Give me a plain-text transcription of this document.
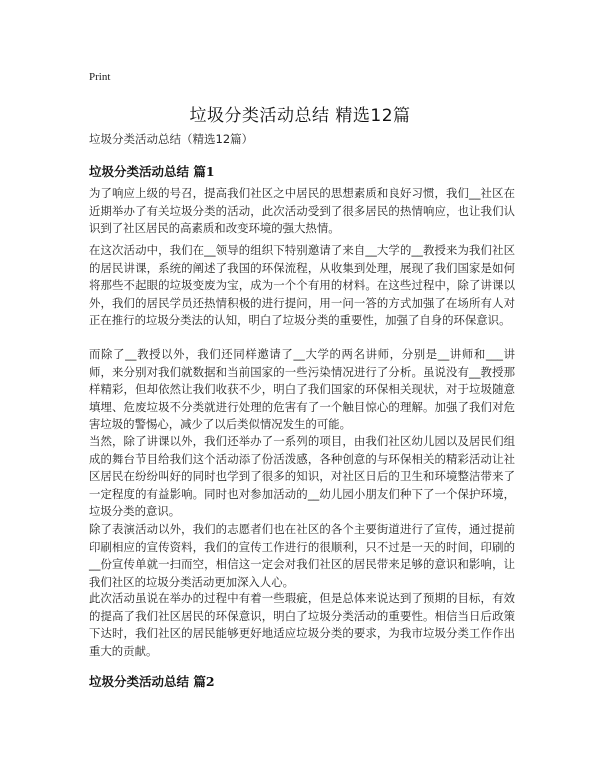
Print
垃圾分类活动总结 精选12篇
垃圾分类活动总结（精选12篇）
垃圾分类活动总结 篇1

为了响应上级的号召，提高我们社区之中居民的思想素质和良好习惯，我们__社区在近期举办了有关垃圾分类的活动，此次活动受到了很多居民的热情响应，也让我们认识到了社区居民的高素质和改变环境的强大热情。

在这次活动中，我们在__领导的组织下特别邀请了来自__大学的__教授来为我们社区的居民讲课，系统的阐述了我国的环保流程，从收集到处理，展现了我们国家是如何将那些不起眼的垃圾变废为宝，成为一个个有用的材料。在这些过程中，除了讲课以外，我们的居民学员还热情积极的进行提问，用一问一答的方式加强了在场所有人对正在推行的垃圾分类法的认知，明白了垃圾分类的重要性，加强了自身的环保意识。

而除了__教授以外，我们还同样邀请了__大学的两名讲师，分别是__讲师和___讲师，来分别对我们就数据和当前国家的一些污染情况进行了分析。虽说没有__教授那样精彩，但却依然让我们收获不少，明白了我们国家的环保相关现状，对于垃圾随意填埋、危废垃圾不分类就进行处理的危害有了一个触目惊心的理解。加强了我们对危害垃圾的警惕心，减少了以后类似情况发生的可能。

当然，除了讲课以外，我们还举办了一系列的项目，由我们社区幼儿园以及居民们组成的舞台节目给我们这个活动添了份活泼感，各种创意的与环保相关的精彩活动让社区居民在纷纷叫好的同时也学到了很多的知识，对社区日后的卫生和环境整洁带来了一定程度的有益影响。同时也对参加活动的__幼儿园小朋友们种下了一个保护环境，垃圾分类的意识。

除了表演活动以外，我们的志愿者们也在社区的各个主要街道进行了宣传，通过提前印刷相应的宣传资料，我们的宣传工作进行的很顺利，只不过是一天的时间，印刷的__份宣传单就一扫而空，相信这一定会对我们社区的居民带来足够的意识和影响，让我们社区的垃圾分类活动更加深入人心。

此次活动虽说在举办的过程中有着一些瑕疵，但是总体来说达到了预期的目标，有效的提高了我们社区居民的环保意识，明白了垃圾分类活动的重要性。相信当日后政策下达时，我们社区的居民能够更好地适应垃圾分类的要求，为我市垃圾分类工作作出重大的贡献。

垃圾分类活动总结 篇2
